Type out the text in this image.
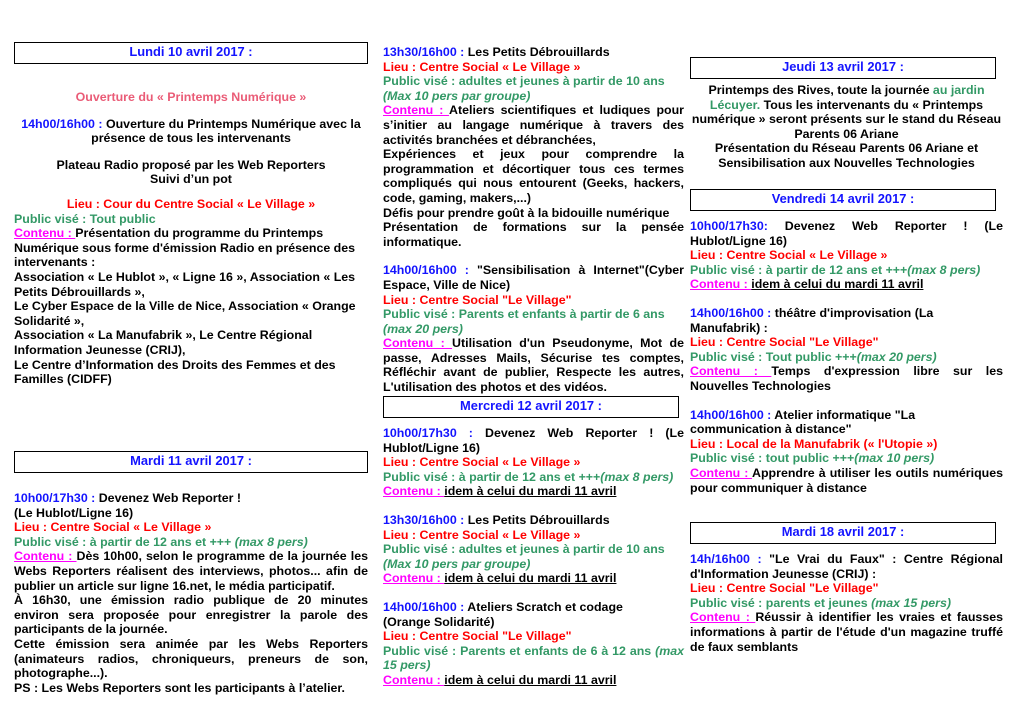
Lundi 10 avril 2017 :

Ouverture du « Printemps Numérique »

14h00/16h00 : Ouverture du Printemps Numérique avec la présence de tous les intervenants

Plateau Radio proposé par les Web Reporters

Suivi d’un pot

Lieu : Cour du Centre Social « Le Village »

Public visé : Tout public

Contenu : Présentation du programme du Printemps Numérique sous forme d'émission Radio en présence des intervenants :

Association « Le Hublot », « Ligne 16 », Association « Les Petits Débrouillards »,

Le Cyber Espace de la Ville de Nice, Association « Orange Solidarité »,

Association « La Manufabrik », Le Centre Régional Information Jeunesse (CRIJ),

Le Centre d’Information des Droits des Femmes et des Familles (CIDFF)

Mardi 11 avril 2017 :

10h00/17h30 : Devenez Web Reporter !

(Le Hublot/Ligne 16)

Lieu : Centre Social « Le Village »

Public visé : à partir de 12 ans et +++ (max 8 pers)

Contenu : Dès 10h00, selon le programme de la journée les Webs Reporters réalisent des interviews, photos... afin de publier un article sur ligne 16.net, le média participatif.

À 16h30, une émission radio publique de 20 minutes environ sera proposée pour enregistrer la parole des participants de la journée.

Cette émission sera animée par les Webs Reporters (animateurs radios, chroniqueurs, preneurs de son, photographe...).

PS : Les Webs Reporters sont les participants à l’atelier.

13h30/16h00 : Les Petits Débrouillards

Lieu : Centre Social « Le Village »

Public visé : adultes et jeunes à partir de 10 ans (Max 10 pers par groupe)

Contenu : Ateliers scientifiques et ludiques pour s’initier au langage numérique à travers des activités branchées et débranchées,

Expériences et jeux pour comprendre la programmation et décortiquer tous ces termes compliqués qui nous entourent (Geeks, hackers, code, gaming, makers,...)

Défis pour prendre goût à la bidouille numérique

Présentation de formations sur la pensée informatique.

14h00/16h00 : "Sensibilisation à Internet"(Cyber Espace, Ville de Nice)

Lieu : Centre Social "Le Village"

Public visé : Parents et enfants à partir de 6 ans (max 20 pers)

Contenu : Utilisation d'un Pseudonyme, Mot de passe, Adresses Mails, Sécurise tes comptes, Réfléchir avant de publier, Respecte les autres, L'utilisation des photos et des vidéos.

Mercredi 12 avril 2017 :

10h00/17h30 : Devenez Web Reporter ! (Le Hublot/Ligne 16)

Lieu : Centre Social « Le Village »

Public visé : à partir de 12 ans et +++(max 8 pers)

Contenu : idem à celui du mardi 11 avril

13h30/16h00 : Les Petits Débrouillards

Lieu : Centre Social « Le Village »

Public visé : adultes et jeunes à partir de 10 ans (Max 10 pers par groupe)

Contenu : idem à celui du mardi 11 avril

14h00/16h00 : Ateliers Scratch et codage

(Orange Solidarité)

Lieu : Centre Social "Le Village"

Public visé : Parents et enfants de 6 à 12 ans (max 15 pers)

Contenu : idem à celui du mardi 11 avril

Jeudi 13 avril 2017 :

Printemps des Rives, toute la journée au jardin Lécuyer. Tous les intervenants du « Printemps numérique » seront présents sur le stand du Réseau Parents 06 Ariane

Présentation du Réseau Parents 06 Ariane et Sensibilisation aux Nouvelles Technologies

Vendredi 14 avril 2017 :

10h00/17h30: Devenez Web Reporter ! (Le Hublot/Ligne 16)

Lieu : Centre Social « Le Village »

Public visé : à partir de 12 ans et +++(max 8 pers)

Contenu : idem à celui du mardi 11 avril

14h00/16h00 : théâtre d'improvisation (La Manufabrik) :

Lieu : Centre Social "Le Village"

Public visé : Tout public +++(max 20 pers)

Contenu : Temps d'expression libre sur les Nouvelles Technologies

14h00/16h00 : Atelier informatique "La communication à distance"

Lieu : Local de la Manufabrik (« l'Utopie »)

Public visé : tout public +++(max 10 pers)

Contenu : Apprendre à utiliser les outils numériques pour communiquer à distance

Mardi 18 avril 2017 :

14h/16h00 : "Le Vrai du Faux" : Centre Régional d'Information Jeunesse (CRIJ) :

Lieu : Centre Social "Le Village"

Public visé : parents et jeunes (max 15 pers)

Contenu : Réussir à identifier les vraies et fausses informations à partir de l'étude d'un magazine truffé de faux semblants
